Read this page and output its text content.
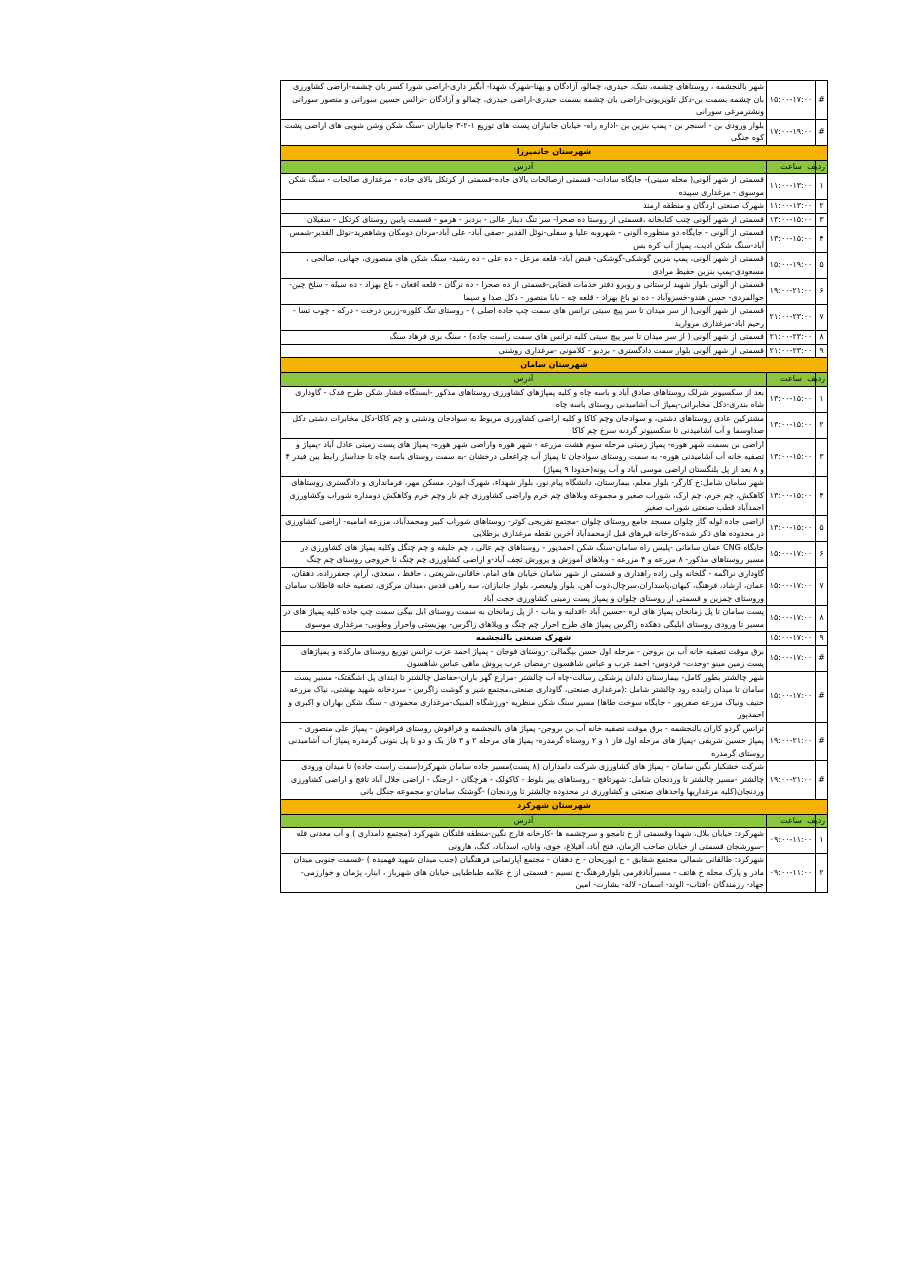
#	۱۵:۰۰-۱۷:۰۰	شهر بالنجشمه ، روستاهای چشمه، نتبک، حیدری، چمالو، آزادگان و پهنا-شهرک شهدا- آبگیز داری-اراضی شورا کسر بان چشمه-اراضی کشاورزی بان چشمه بسمت بن-دکل تلویزیونی-اراضی بان چشمه بسمت حیدری-اراضی حیدری، چمالو و آزادگان -نرالس حسین سورانی و متصور سورانی ونشترمرغی سورانی
#	۱۷:۰۰-۱۹:۰۰	بلوار ورودی بن - اسنجر بن - پمپ بنزین بن -اداره راه- خیابان جانبازان پست های توزیع ۱-۲-۳ جانبازان -سنگ شکن وشن شویی های اراضی پشت کوه جنگی
شهرستان خانمیرزا		
ردیف	ساعت	آدرس
۱	۱۱:۰۰-۱۳:۰۰	قسمتی از شهر آلونی( محله سینی)- جایگاه سادات- قسمتی ازصالحات بالای جاده-قسمتی از کرتکل بالای جاده - مرغداری صالحات - سنگ شکن موسوی - مرغداری سپیده
۲	۱۱:۰۰-۱۳:۰۰	شهرک صنعتی اردگان و منطقه ارمند
۳	۱۳:۰۰-۱۵:۰۰	قسمتی از شهر آلونی چنب کتابخانه ،قسمتی از روستا ده صحرا- سر تنگ دینار عالی - بردبر - هرمو - قسمت پایین روستای کرتکل - سفیلان
۴	۱۳:۰۰-۱۵:۰۰	قسمتی از آلونی - جایگاه دو منظوره آلونی - شهروبه علیا و سفلی-نوئل القدیر -صفی آباد- علی آباد-مردان دومکان وشاهفرید-نوئل القدیر-شمس آباد-سنگ شکن ادیب، پمپاژ آب کره بس
۵	۱۵:۰۰-۱۹:۰۰	قسمتی از شهر آلونی، پمپ بنزین گوشکی-گوشکی- قبض آباد- قلعه مزعل - ده علی - ده رشید- سنگ شکن های منصوری، جهانی، صالحی ، مسعودی-پمپ بنزین حفیظ مرادی
۶	۱۹:۰۰-۲۱:۰۰	قسمتی از آلونی بلوار شهید لرستانی و روبرو دفتر خدمات قضایی-قسمتی از ده صحرا - ده نرگان - قلعه افغان - باغ بهزاد - ده سیله - سلخ چین- جوالمردی- حسن هندو-خسروآباد - ده نو باغ بهزاد - قلعه چه - بابا منصور - دکل صدا و سیما
۷	۲۱:۰۰-۲۳:۰۰	قسمتی از شهر آلونی( از سر میدان تا سر پیچ سیتی ترانس های سمت چپ جاده اصلی ) - روستای تنگ کلوره-زرین درخت - درکه - چوب تسا - رحیم اباد-مرغداری مروارید
۸	۲۱:۰۰-۲۳:۰۰	قسمتی از شهر آلونی ( از سر میدان تا سر پیچ سیتی کلیه ترانس های سمت راست جاده) - سنگ بری فرهاد سنگ
۹	۲۱:۰۰-۲۳:۰۰	قسمتی از شهر آلونی بلوار سمت دادگستری - بردبو - کلامونی -مرغداری روشنی
شهرستان سامان		
ردیف	ساعت	آدرس
۱	۱۳:۰۰-۱۵:۰۰	بعد از سکسیونر شرلک روستاهای صادق آباد و باسه چاه و کلیه پمپاژهای کشاورزی روستاهای مذکور -ایستگاه فشار شکن طرح فدک - گاوداری شاه بندری-دکل مخابراتی-پمپاژ آب آشامیدنی روستای باسه چاه
۲	۱۳:۰۰-۱۵:۰۰	مشترکین عادی روستاهای دشتی، و سوادجان وچم کاکا و کلیه اراضی کشاورزی مربوط به سوادجان ودشتی و چم کاکا-دکل مخابرات دشتی دکل صداوسما و آب آشامیدنی تا سکسیونر گردنه سرخ چم کاکا
۳	۱۳:۰۰-۱۵:۰۰	اراضی بن بسمت شهر هوره- پمپاژ زمینی مرحله سوم هشت مزرعه - شهر هوره واراضی شهر هوره- پمپاژ های پست زمینی عادل آباد -پمپاژ و تصفیه خانه آب آشامیدنی هوره- به سمت روستای سوادجان تا پمپاژ آب چراغعلی درخشان -به سمت روستای باسه چاه تا جداساز رابط بین فیدر ۴ و ۸ بعد از پل بلنگستان اراضی موسی آباد و آب پونه(حدودا ۹ پمپاژ)
۴	۱۳:۰۰-۱۵:۰۰	شهر سامان شامل:خ کارگر- بلوار معلم، بیمارستان، دانشگاه پیام نور، بلوار شهداء، شهرک ابوذر، مسکن مهر، فرمانداری و دادگستری روستاهای کاهکش، چم خرم، چم ارک، شوراب صغیر و مجموعه وبلاهای چم خرم واراضی کشاورزی چم نار وچم خرم وکاهکش دومداره شوراب وکشاورزی احمدآباد قطب صنعتی شوراب صغیر
۵	۱۳:۰۰-۱۵:۰۰	اراضی جاده لوله گاز چلوان مسجد جامع روستای چلوان -مجتمع تفریحی کوثر- روستاهای شوراب کبیر ومحمدآباد، مزرعه امامیه- اراضی کشاورزی در محدوده های ذکر شده-کارخانه قیرهای قبل ازمحمدآباد آخرین نقطه مرغداری برطلایی
۶	۱۵:۰۰-۱۷:۰۰	جایگاه CNG عمان سامانی -پلیس راه سامان-سنگ شکن احمدپور - روستاهای چم عالی ، چم خلیفه و چم چنگل وکلیه پمپاژ های کشاورزی در مسیر روستاهای مذکور- ۸ مزرعه و ۴ مزرعه - وبلاهای آموزش و پرورش تجف آباد-و اراضی کشاورزی چم چنگ تا خروجی روستای چم چنگ
۷	۱۵:۰۰-۱۷:۰۰	گاوداری نراگمه - گلخانه ولی زاده راهداری و قسمتی از شهر سامان خیابان های امام، خاقانی،شریعتی ، حافظ ، سعدی، آرام، جعفرزاده، دهقان، عمان، ارشاد، فرهنگ، کیهان،پاسداران،سرچال،ذوب آهن، بلوار ولیعصر، بلوار جانبازان، سه راهی قدس ،میدان مرکزی، تصفیه خانه قاطلاب سامان وروستای چمزین و قسمتی از روستای چلوان و پمپاژ پست زمینی کشاورزی حجت آباد
۸	۱۵:۰۰-۱۷:۰۰	پست سامان تا پل زمانخان پمپاژ های لره -حسین آباد -افدلبه و بناب - از پل زمانخان به سمت روستای ابل بیگی سمت چپ جاده کلیه پمپاژ های در مسیر تا ورودی روستای ابلیگی دهکده زاگرس پمپاژ های طرح احرار چم چنگ و ویلاهای زاگرس- بهزیستی واحرار وطوبی- مرغداری موسوی
۹	۱۵:۰۰-۱۷:۰۰	شهرک صنعتی بالنجشمه
#	۱۵:۰۰-۱۷:۰۰	برق موقت تصفیه خانه آب بن بروجن - مرحله اول حسن بیگمالی -روستای فوجان - پمپاژ احمد عرب ترانس توزیع روستای مارکده و پمپاژهای پست زمین مینو -وحدت- فردوس- احمد عرب و عباس شاهسون -رمضان عرب پروش ماهی عباس شاهسون
#	۱۵:۰۰-۱۷:۰۰	شهر چالشتر بطور کامل- بیمارستان دلدان پزشکی رسالت-چاه آب چالشتر -مزارع گهر باران-حفاضل چالشتر تا ابتدای پل اشگفتک- مسیر پست سامان تا میدان زاینده رود چالشتر شامل :(مرغداری صنعتی، گاوداری صنعتی،مجتمع شیر و گوشت زاگرس - سردخانه شهید بهشتی، نیاک مزرعه حنیف ونیاک مزرعه صفرپور - جایگاه سوخت طاها) مسیر سنگ شکن منظریه -ورزشگاه المبیک-مرغداری محمودی - سنگ شکن بهاران و اکبری و احمدپور
#	۱۹:۰۰-۲۱:۰۰	ترانس گردو کاران بالنجشمه - برق موقت تصفیه خانه آب بن بروجن- پمپاژ های بالنجشمه و فرافوش روستای فرافوش - پمپاژ علی منصوری - پمپاژ حسین شریفی -پمپاژ های مرحله اول فاز ۱ و ۲ روستاه گرمدره- پمپاژ های مرحله ۲ و ۳ فاز یک و دو تا پل بتونی گرمدره پمپاژ آب آشامیدنی روستای گرمدره
#	۱۹:۰۰-۲۱:۰۰	شرکت خشکبار نگین سامان - پمپاژ های کشاورزی شرکت دامداران (۸ پست)مسیر جاده سامان شهرکرد(سمت راست جاده) تا میدان ورودی چالشتر -مسیر چالشتر تا وردنجان شامل: شهرتافچ - روستاهای پیر بلوط - کاکولک - هرچگان - ارجنگ - اراضی جلال آباد تافچ و اراضی کشاورزی وردنجان(کلیه مرغداریها واحدهای صنعتی و کشاورزی در محدوده چالشتر تا وردنجان) -گوشتک سامان-و مجموعه جنگل بانی
شهرستان شهرکرد		
ردیف	ساعت	آدرس
۱	۰۹:۰۰-۱۱:۰۰	شهرکرد: خیابان بلال، شهدا وقسمتی از خ تامجو و سرچشمه ها -کارخانه فارج نگین-منطقه فلنگان شهرکرد (مجتمع دامداری ) و آب معدنی فله -سورشجان قسمتی از خیابان صاحب الزمان، فتح آباد، آفیلاغ، خوی، وانان، اسدآباد، کنگ، هارونی
۲	۰۹:۰۰-۱۱:۰۰	شهرکرد: طالقانی شمالی مجتمع شقایق - خ ابوریحان - خ دهقان - مجتمع آپارتمانی فرهنگیان (جنب میدان شهید فهمیده ) -قسمت جنوبی میدان مادر و پارک محله خ هاتف - مسیرآبادفرمی بلوارفرهنگ-خ نسیم - قسمتی از خ علامه طباطبایی خیابان های شهرباز ، ابنار، پژمان و خوارزمی- جهاد- رزمندگان -آفتاب- الوند- اسمان- لاله- بشارت- امین
